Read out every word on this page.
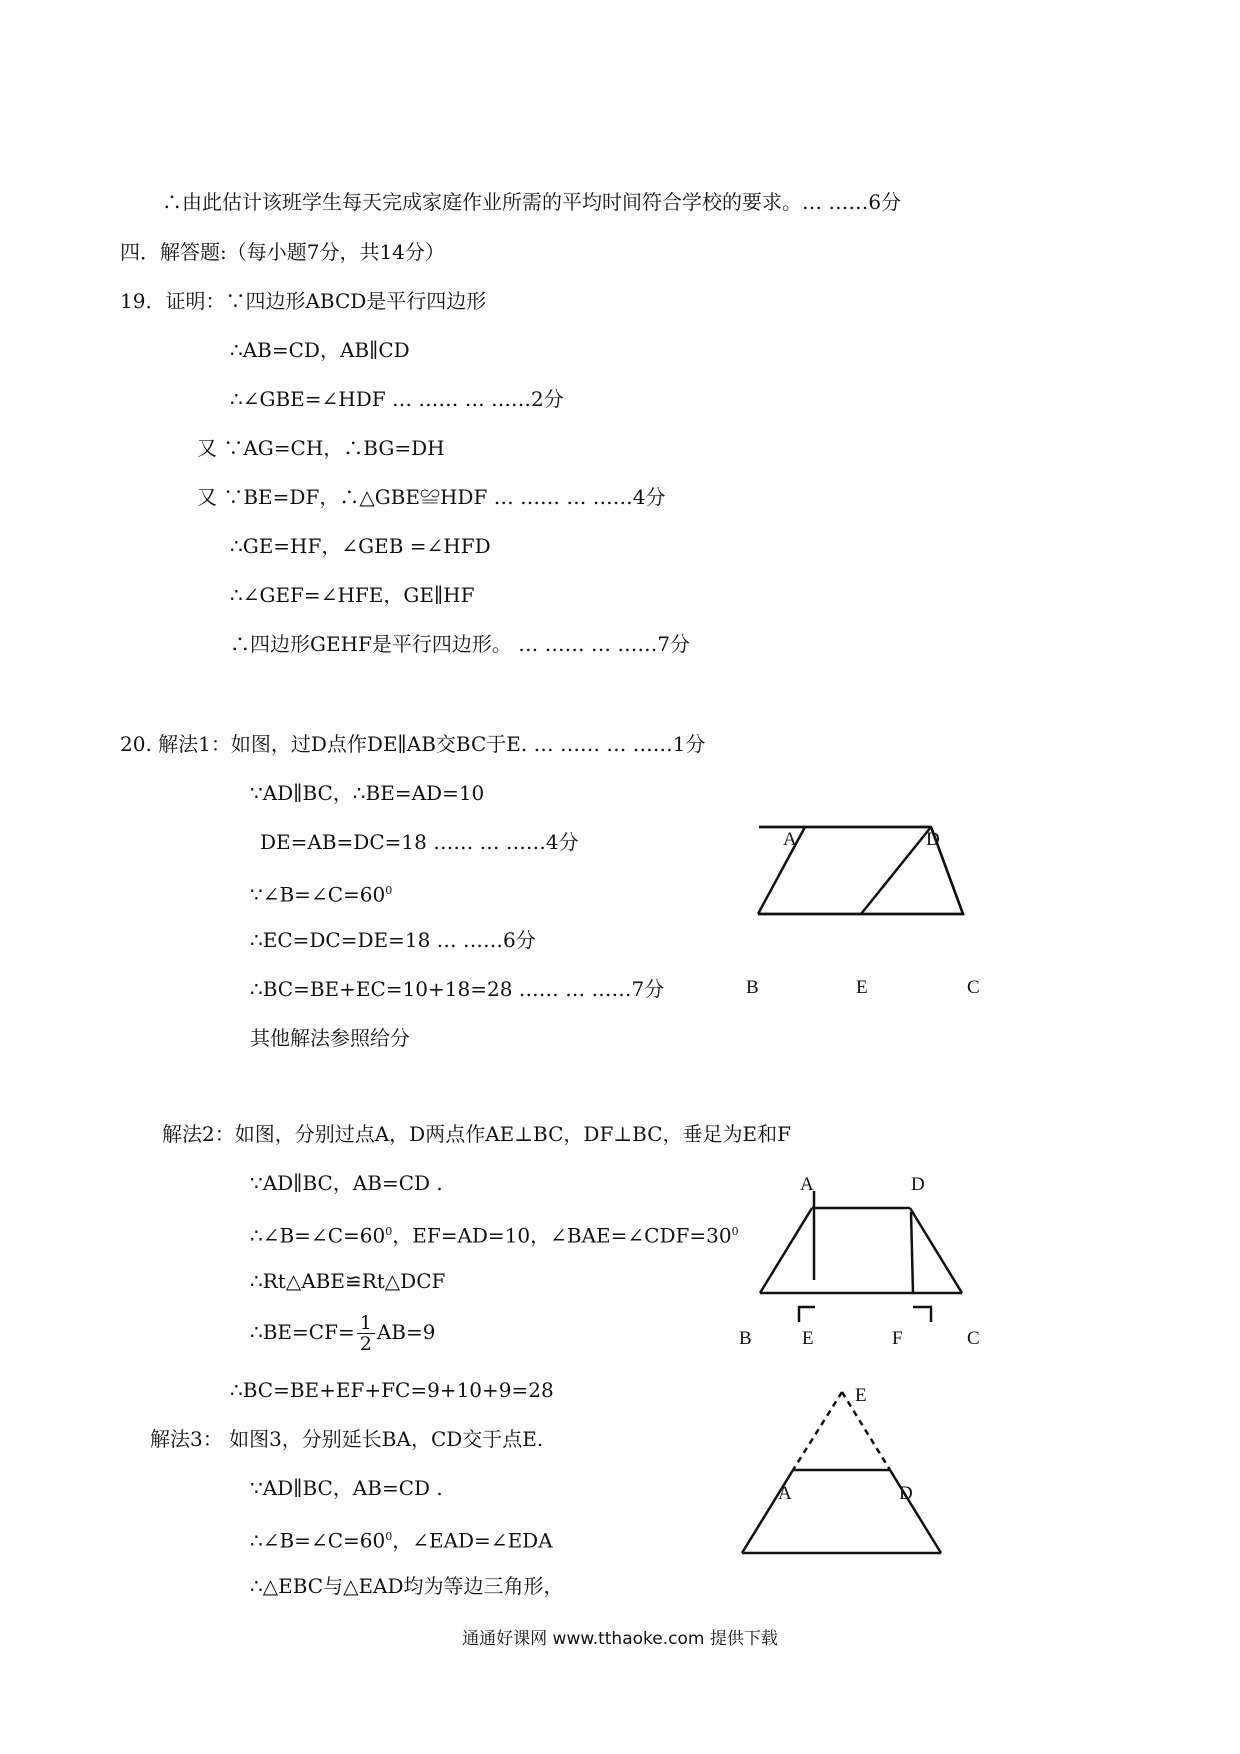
∴由此估计该班学生每天完成家庭作业所需的平均时间符合学校的要求。… ……6分
四．解答题:（每小题7分，共14分）
19．证明：∵四边形ABCD是平行四边形
∴AB=CD，AB∥CD
∴∠GBE=∠HDF … …… … ……2分
又 ∵AG=CH，∴BG=DH
又 ∵BE=DF，∴△GBE≌HDF … …… … ……4分
∴GE=HF，∠GEB =∠HFD
∴∠GEF=∠HFE，GE∥HF
∴四边形GEHF是平行四边形。 … …… … ……7分
20. 解法1：如图，过D点作DE∥AB交BC于E. … …… … ……1分
∵AD∥BC，∴BE=AD=10
DE=AB=DC=18 …… … ……4分
$\because\angle B=\angle C=60^0$
∴EC=DC=DE=18 … ……6分
∴BC=BE+EC=10+18=28 …… … ……7分
其他解法参照给分
解法2：如图，分别过点A，D两点作AE⊥BC，DF⊥BC，垂足为E和F
∵AD∥BC，AB=CD .
$\therefore\angle B=\angle C=60^0$，EF=AD=10，$\angle BAE=\angle CDF=30^0$
∴Rt△ABE≌Rt△DCF
∴BE=CF= $\frac{1}{2} AB=9$
∴BC=BE+EF+FC=9+10+9=28
解法3： 如图3，分别延长BA，CD交于点E.
∵AD∥BC，AB=CD .
$\therefore\angle B=\angle C=60^0$，∠EAD=∠EDA
∴△EBC与△EAD均为等边三角形，
A	D
B	E	C
A	D
B	E	F	C
E
A	D
通通好课网 www.tthaoke.com 提供下载
